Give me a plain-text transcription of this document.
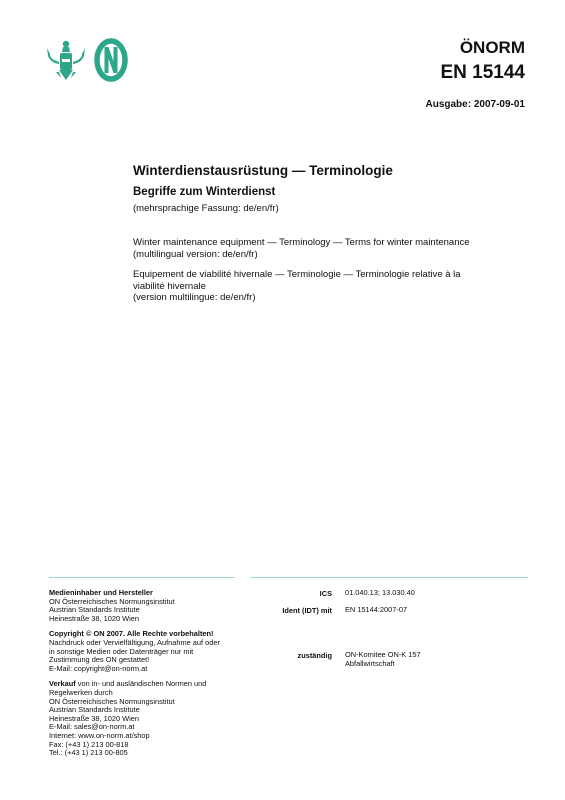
ÖNORM
EN 15144
Ausgabe: 2007-09-01
Winterdienstausrüstung — Terminologie
Begriffe zum Winterdienst
(mehrsprachige Fassung: de/en/fr)
Winter maintenance equipment — Terminology — Terms for winter maintenance
(multilingual version: de/en/fr)
Equipement de viabilité hivernale — Terminologie — Terminologie relative à la
viabilité hivernale
(version multilingue: de/en/fr)
Medieninhaber und Hersteller
ON Österreichisches Normungsinstitut
Austrian Standards Institute
Heinestraße 38, 1020 Wien
Copyright © ON 2007. Alle Rechte vorbehalten!
Nachdruck oder Vervielfältigung, Aufnahme auf oder
in sonstige Medien oder Datenträger nur mit
Zustimmung des ON gestattet!
E-Mail: copyright@on-norm.at
Verkauf von in- und ausländischen Normen und
Regelwerken durch
ON Österreichisches Normungsinstitut
Austrian Standards Institute
Heinestraße 38, 1020 Wien
E-Mail: sales@on-norm.at
Internet: www.on-norm.at/shop
Fax: (+43 1) 213 00-818
Tel.: (+43 1) 213 00-805
ICS 01.040.13; 13.030.40
Ident (IDT) mit EN 15144:2007-07
zuständig ON-Komitee ON-K 157
Abfallwirtschaft
